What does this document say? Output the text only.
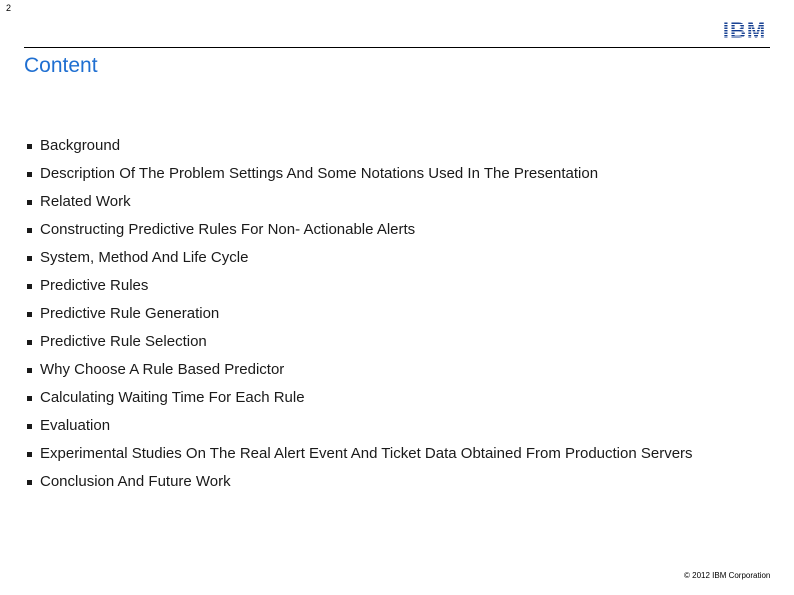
2
IBM
Content
Background
Description Of The Problem Settings And Some Notations Used In The Presentation
Related Work
Constructing Predictive Rules For Non- Actionable Alerts
System, Method And Life Cycle
Predictive Rules
Predictive Rule Generation
Predictive Rule Selection
Why Choose A Rule Based Predictor
Calculating Waiting Time For Each Rule
Evaluation
Experimental Studies On The Real Alert Event And Ticket Data Obtained From Production Servers
Conclusion And Future Work
© 2012 IBM Corporation
